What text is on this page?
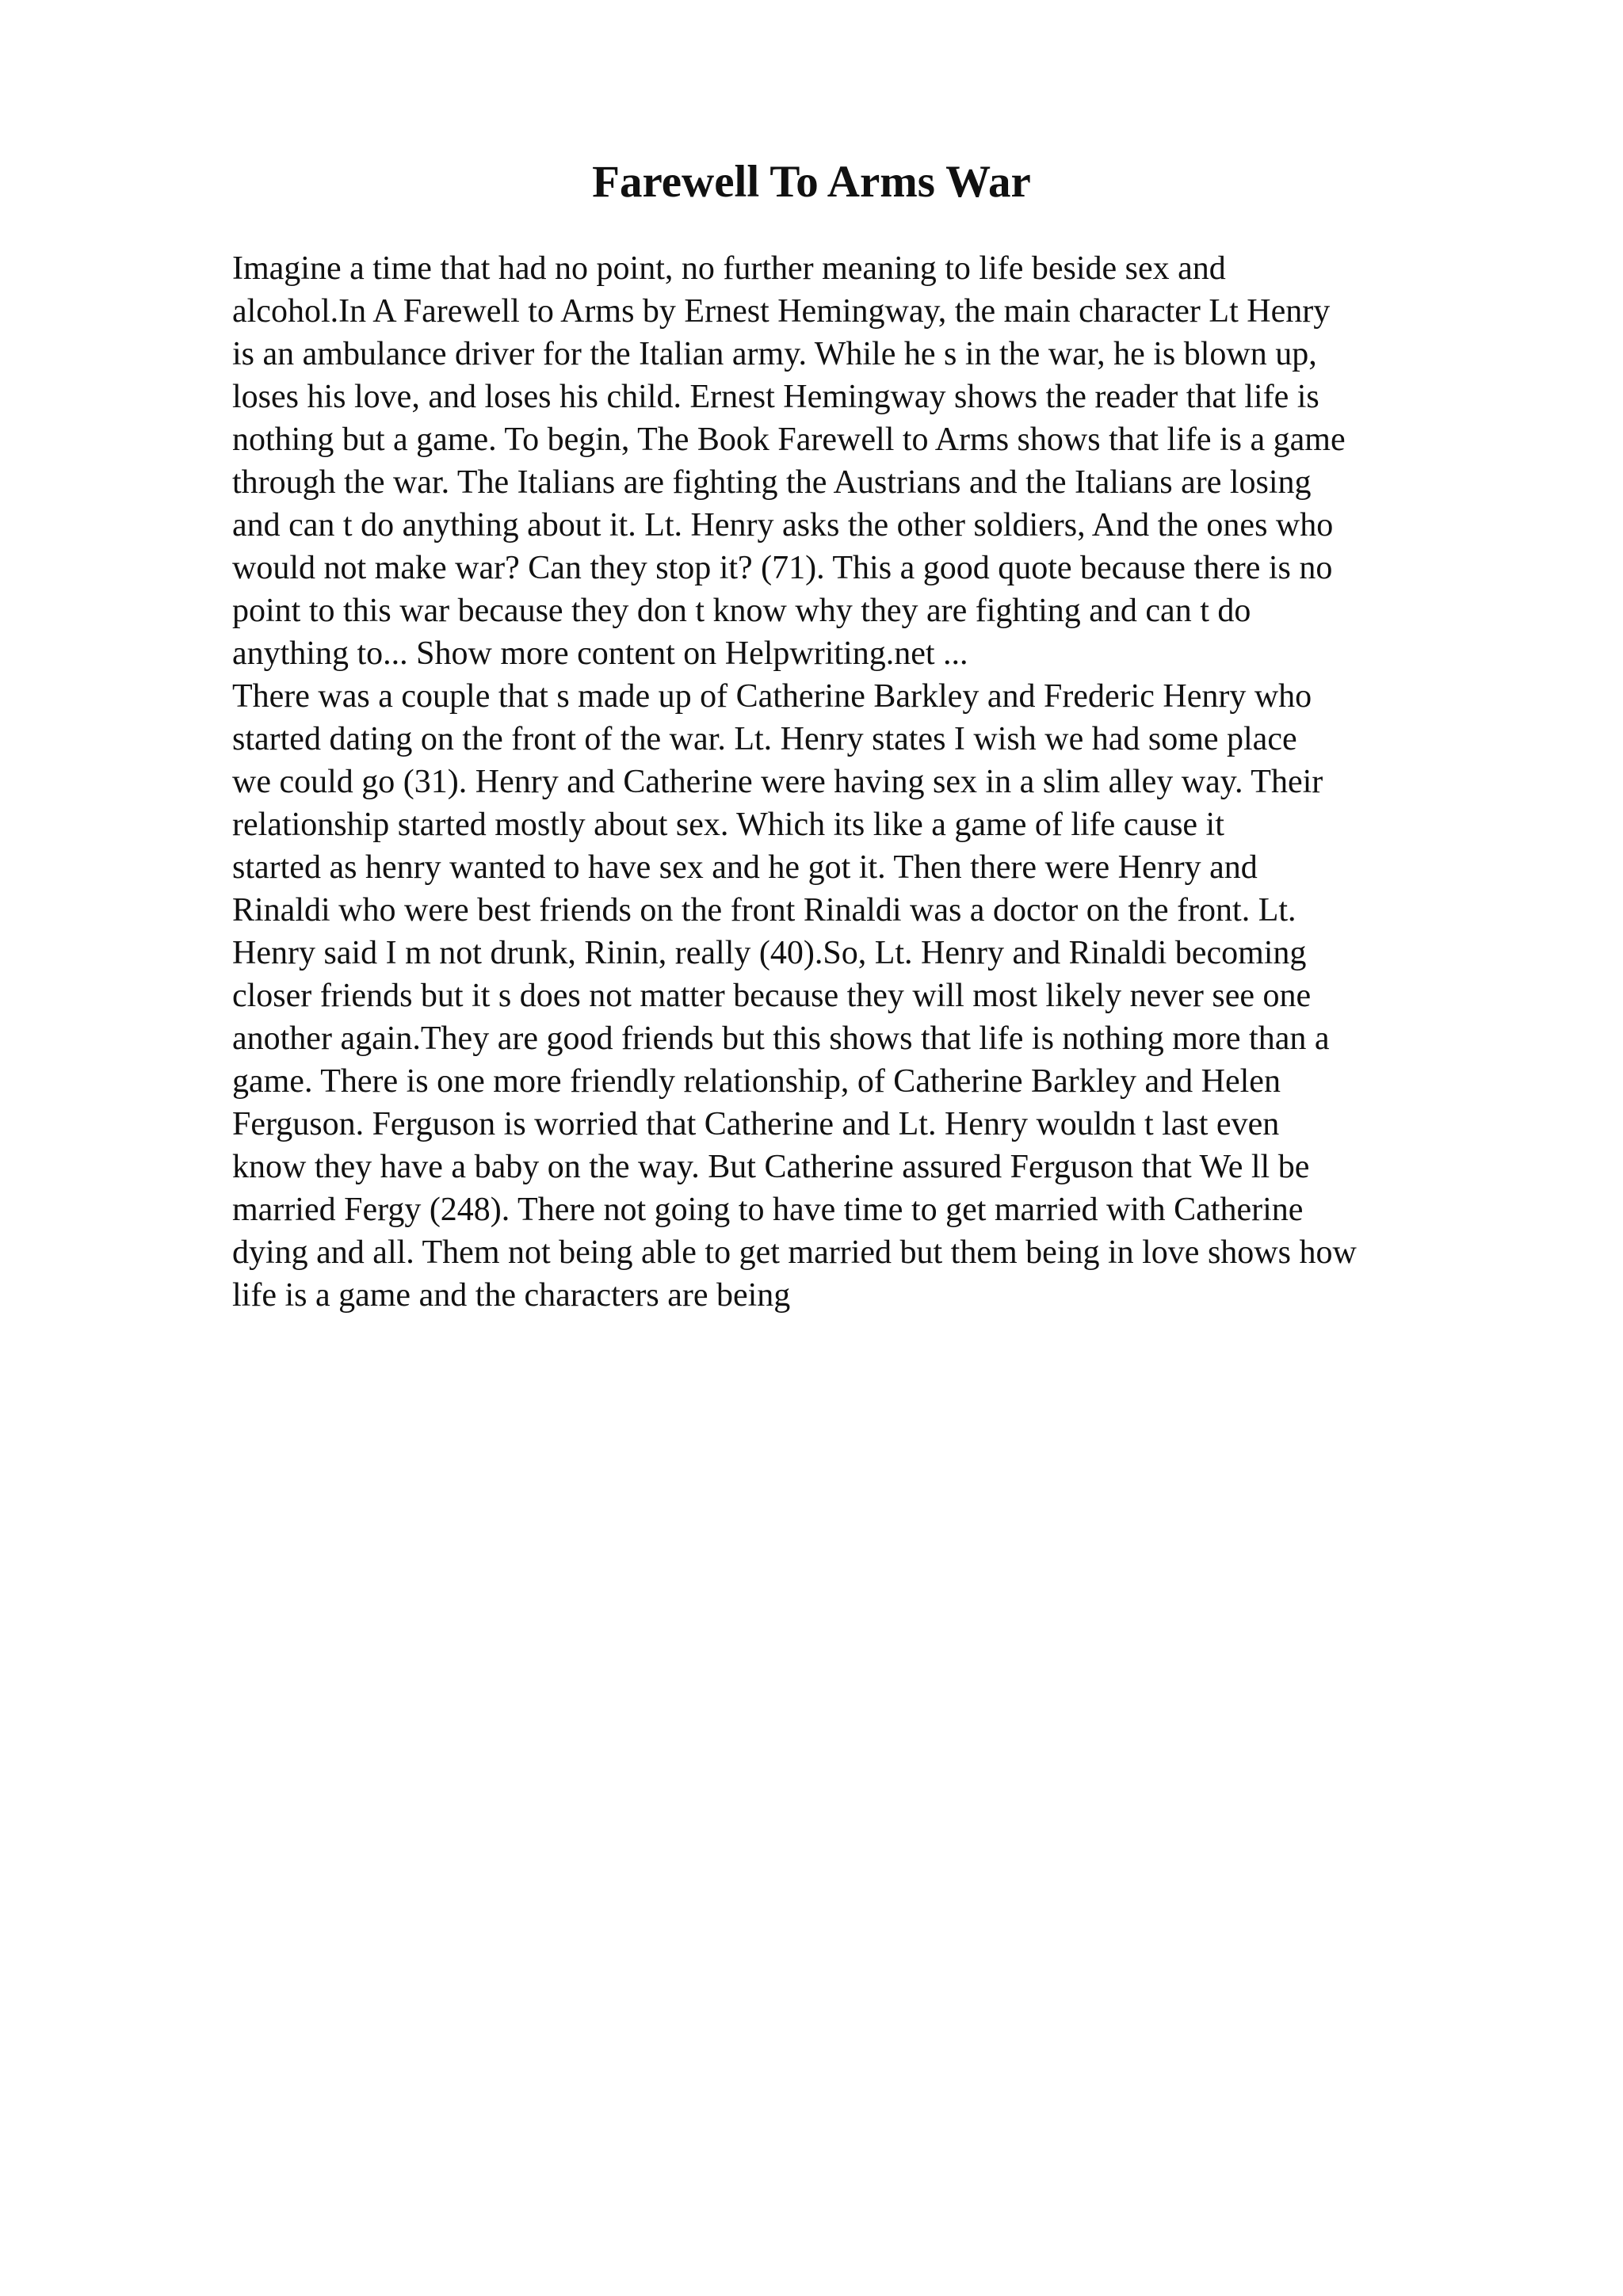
Farewell To Arms War
Imagine a time that had no point, no further meaning to life beside sex and
alcohol.In A Farewell to Arms by Ernest Hemingway, the main character Lt Henry
is an ambulance driver for the Italian army. While he s in the war, he is blown up,
loses his love, and loses his child. Ernest Hemingway shows the reader that life is
nothing but a game. To begin, The Book Farewell to Arms shows that life is a game
through the war. The Italians are fighting the Austrians and the Italians are losing
and can t do anything about it. Lt. Henry asks the other soldiers, And the ones who
would not make war? Can they stop it? (71). This a good quote because there is no
point to this war because they don t know why they are fighting and can t do
anything to... Show more content on Helpwriting.net ...
There was a couple that s made up of Catherine Barkley and Frederic Henry who
started dating on the front of the war. Lt. Henry states I wish we had some place
we could go (31). Henry and Catherine were having sex in a slim alley way. Their
relationship started mostly about sex. Which its like a game of life cause it
started as henry wanted to have sex and he got it. Then there were Henry and
Rinaldi who were best friends on the front Rinaldi was a doctor on the front. Lt.
Henry said I m not drunk, Rinin, really (40).So, Lt. Henry and Rinaldi becoming
closer friends but it s does not matter because they will most likely never see one
another again.They are good friends but this shows that life is nothing more than a
game. There is one more friendly relationship, of Catherine Barkley and Helen
Ferguson. Ferguson is worried that Catherine and Lt. Henry wouldn t last even
know they have a baby on the way. But Catherine assured Ferguson that We ll be
married Fergy (248). There not going to have time to get married with Catherine
dying and all. Them not being able to get married but them being in love shows how
life is a game and the characters are being
